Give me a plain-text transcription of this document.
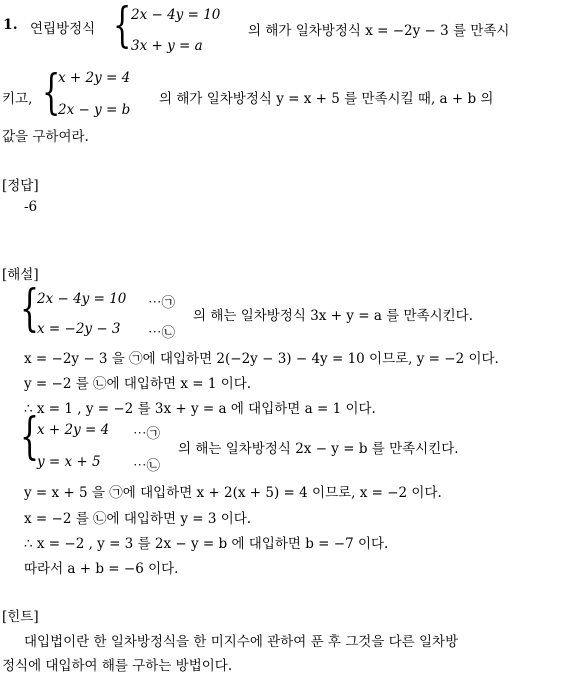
1. 연립방정식 { 2x − 4y = 10
3x + y = a
의 해가 일차방정식 x = −2y − 3 를 만족시
키고, {
x + 2y = 4
2x − y = b
의 해가 일차방정식 y = x + 5 를 만족시킬 때, a + b 의
값을 구하여라.
[정답]
-6
[해설]
{
2x − 4y = 10 ⋯㉠
x = −2y − 3 ⋯㉡
의 해는 일차방정식 3x + y = a 를 만족시킨다.
x = −2y − 3 을 ㉠에 대입하면 2(−2y − 3) − 4y = 10 이므로, y = −2 이다.
y = −2 를 ㉡에 대입하면 x = 1 이다.
∴ x = 1 , y = −2 를 3x + y = a 에 대입하면 a = 1 이다.
{
x + 2y = 4 ⋯㉠
y = x + 5 ⋯㉡
의 해는 일차방정식 2x − y = b 를 만족시킨다.
y = x + 5 을 ㉠에 대입하면 x + 2(x + 5) = 4 이므로, x = −2 이다.
x = −2 를 ㉡에 대입하면 y = 3 이다.
∴ x = −2 , y = 3 를 2x − y = b 에 대입하면 b = −7 이다.
따라서 a + b = −6 이다.
[힌트]
대입법이란 한 일차방정식을 한 미지수에 관하여 푼 후 그것을 다른 일차방
정식에 대입하여 해를 구하는 방법이다.
